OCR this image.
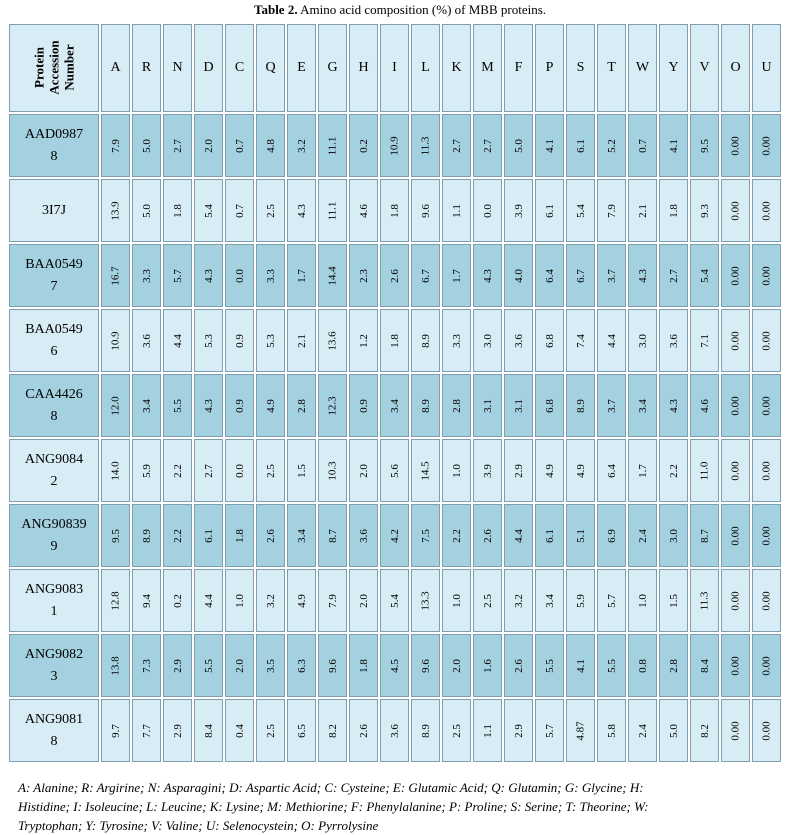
Table 2. Amino acid composition (%) of MBB proteins.
Protein
Accession
Number	A	R	N	D	C	Q	E	G	H	I	L	K	M	F	P	S	T	W	Y	V	O	U
AAD0987
8	7.9	5.0	2.7	2.0	0.7	4.8	3.2	11.1	0.2	10.9	11.3	2.7	2.7	5.0	4.1	6.1	5.2	0.7	4.1	9.5	0.00	0.00
3I7J	13.9	5.0	1.8	5.4	0.7	2.5	4.3	11.1	4.6	1.8	9.6	1.1	0.0	3.9	6.1	5.4	7.9	2.1	1.8	9.3	0.00	0.00
BAA0549
7	16.7	3.3	5.7	4.3	0.0	3.3	1.7	14.4	2.3	2.6	6.7	1.7	4.3	4.0	6.4	6.7	3.7	4.3	2.7	5.4	0.00	0.00
BAA0549
6	10.9	3.6	4.4	5.3	0.9	5.3	2.1	13.6	1.2	1.8	8.9	3.3	3.0	3.6	6.8	7.4	4.4	3.0	3.6	7.1	0.00	0.00
CAA4426
8	12.0	3.4	5.5	4.3	0.9	4.9	2.8	12.3	0.9	3.4	8.9	2.8	3.1	3.1	6.8	8.9	3.7	3.4	4.3	4.6	0.00	0.00
ANG9084
2	14.0	5.9	2.2	2.7	0.0	2.5	1.5	10.3	2.0	5.6	14.5	1.0	3.9	2.9	4.9	4.9	6.4	1.7	2.2	11.0	0.00	0.00
ANG90839
9	9.5	8.9	2.2	6.1	1.8	2.6	3.4	8.7	3.6	4.2	7.5	2.2	2.6	4.4	6.1	5.1	6.9	2.4	3.0	8.7	0.00	0.00
ANG9083
1	12.8	9.4	0.2	4.4	1.0	3.2	4.9	7.9	2.0	5.4	13.3	1.0	2.5	3.2	3.4	5.9	5.7	1.0	1.5	11.3	0.00	0.00
ANG9082
3	13.8	7.3	2.9	5.5	2.0	3.5	6.3	9.6	1.8	4.5	9.6	2.0	1.6	2.6	5.5	4.1	5.5	0.8	2.8	8.4	0.00	0.00
ANG9081
8	9.7	7.7	2.9	8.4	0.4	2.5	6.5	8.2	2.6	3.6	8.9	2.5	1.1	2.9	5.7	4.87	5.8	2.4	5.0	8.2	0.00	0.00
A: Alanine; R: Argirine; N: Asparagini; D: Aspartic Acid; C: Cysteine; E: Glutamic Acid; Q: Glutamin; G: Glycine; H:
Histidine; I: Isoleucine; L: Leucine; K: Lysine; M: Methiorine; F: Phenylalanine; P: Proline; S: Serine; T: Theorine; W:
Tryptophan; Y: Tyrosine; V: Valine; U: Selenocystein; O: Pyrrolysine
